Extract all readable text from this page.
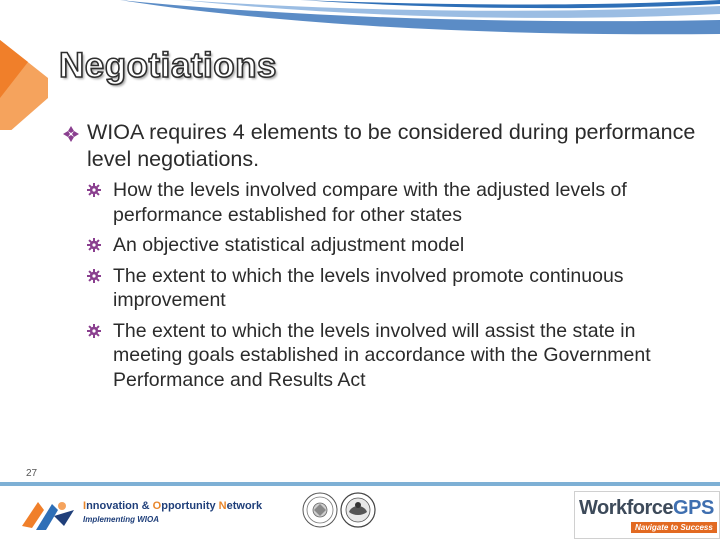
Negotiations
WIOA requires 4 elements to be considered during performance level negotiations.
How the levels involved compare with the adjusted levels of performance established for other states
An objective statistical adjustment model
The extent to which the levels involved promote continuous improvement
The extent to which the levels involved will assist the state in meeting goals established in accordance with the Government Performance and Results Act
27
Innovation & Opportunity Network
Implementing WIOA
WorkforceGPS
Navigate to Success
